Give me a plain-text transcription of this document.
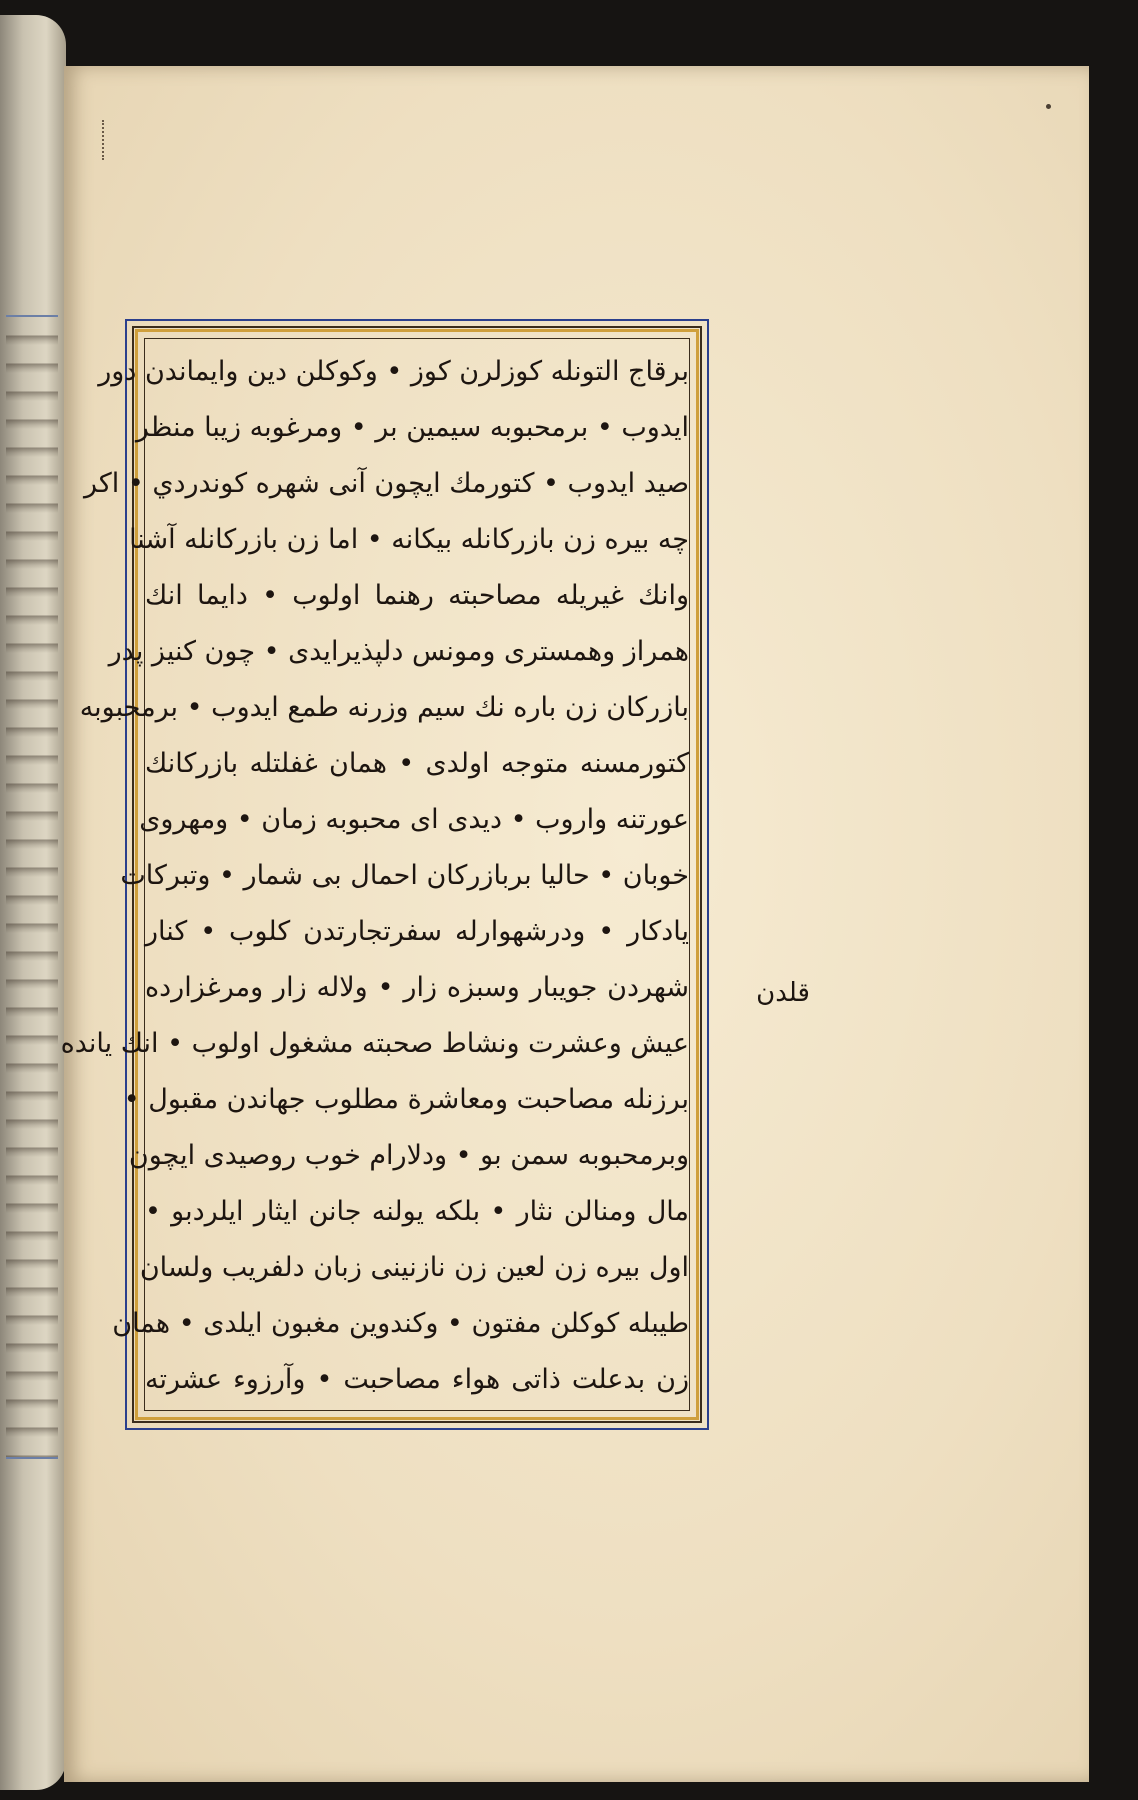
برقاج التونله كوزلرن كوز • وكوكلن دين وايماندن دور
ايدوب • برمحبوبه سيمين بر • ومرغوبه زيبا منظر
صيد ايدوب • كتورمك ايچون آنى شهره كوندردي • اكر
چه بيره زن بازركانله بيكانه • اما زن بازركانله آشنا
وانك غيريله مصاحبته رهنما اولوب • دايما انك
همراز وهمسترى ومونس دلپذيرايدى • چون كنيز پدر
بازركان زن باره نك سيم وزرنه طمع ايدوب • برمحبوبه
كتورمسنه متوجه اولدى • همان غفلتله بازركانك
عورتنه واروب • ديدى اى محبوبه زمان • ومهروى
خوبان • حاليا بربازركان احمال بى شمار • وتبركات
يادكار • ودرشهوارله سفرتجارتدن كلوب • كنار
شهردن جويبار وسبزه زار • ولاله زار ومرغزارده
عيش وعشرت ونشاط صحبته مشغول اولوب • انك يانده
برزنله مصاحبت ومعاشرة مطلوب جهاندن مقبول •
وبرمحبوبه سمن بو • ودلارام خوب روصيدى ايچون
مال ومنالن نثار • بلكه يولنه جانن ايثار ايلردبو •
اول بيره زن لعين زن نازنينى زبان دلفريب ولسان
طيبله كوكلن مفتون • وكندوين مغبون ايلدى • همان
زن بدعلت ذاتى هواء مصاحبت • وآرزوء عشرته
قلدن
